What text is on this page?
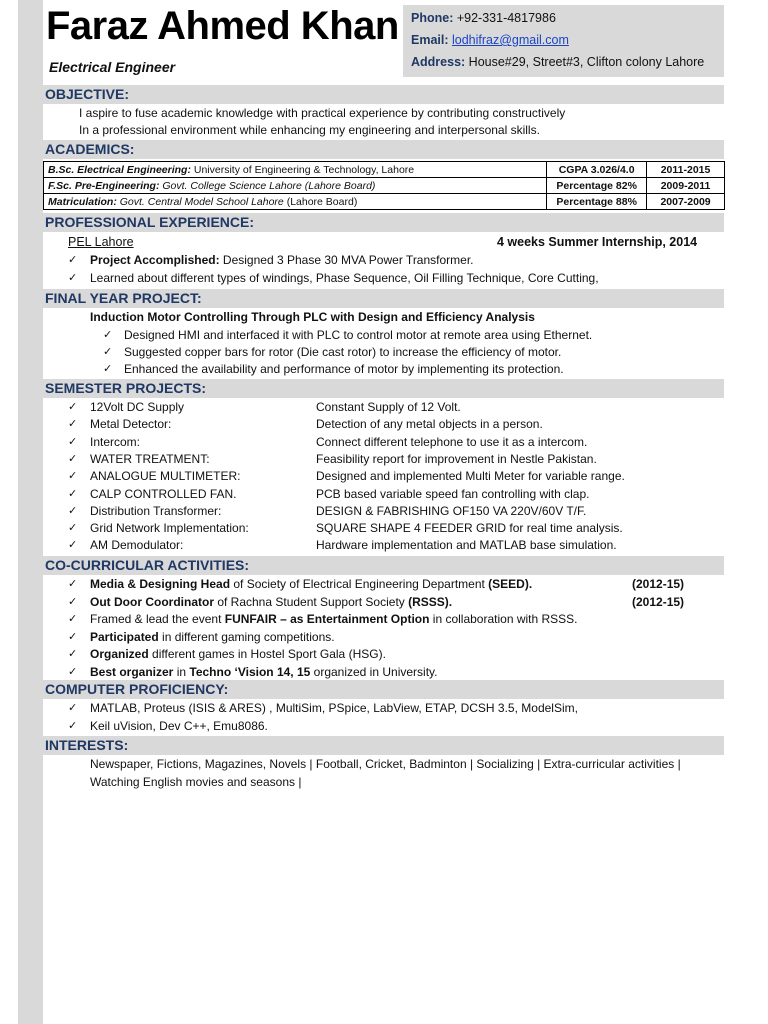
Faraz Ahmed Khan
Electrical Engineer
Phone: +92-331-4817986
Email: lodhifraz@gmail.com
Address: House#29, Street#3, Clifton colony Lahore
OBJECTIVE:
I aspire to fuse academic knowledge with practical experience by contributing constructively
In a professional environment while enhancing my engineering and interpersonal skills.
ACADEMICS:
B.Sc. Electrical Engineering: University of Engineering & Technology, Lahore	CGPA 3.026/4.0	2011-2015
F.Sc. Pre-Engineering: Govt. College Science Lahore (Lahore Board)	Percentage 82%	2009-2011
Matriculation: Govt. Central Model School Lahore (Lahore Board)	Percentage 88%	2007-2009
PROFESSIONAL EXPERIENCE:
PEL Lahore	4 weeks Summer Internship, 2014
✓ Project Accomplished: Designed 3 Phase 30 MVA Power Transformer.
✓ Learned about different types of windings, Phase Sequence, Oil Filling Technique, Core Cutting,
FINAL YEAR PROJECT:
Induction Motor Controlling Through PLC with Design and Efficiency Analysis
✓ Designed HMI and interfaced it with PLC to control motor at remote area using Ethernet.
✓ Suggested copper bars for rotor (Die cast rotor) to increase the efficiency of motor.
✓ Enhanced the availability and performance of motor by implementing its protection.
SEMESTER PROJECTS:
✓ 12Volt DC Supply	Constant Supply of 12 Volt.
✓ Metal Detector:	Detection of any metal objects in a person.
✓ Intercom:	Connect different telephone to use it as a intercom.
✓ WATER TREATMENT:	Feasibility report for improvement in Nestle Pakistan.
✓ ANALOGUE MULTIMETER:	Designed and implemented Multi Meter for variable range.
✓ CALP CONTROLLED FAN.	PCB based variable speed fan controlling with clap.
✓ Distribution Transformer:	DESIGN & FABRISHING OF150 VA 220V/60V T/F.
✓ Grid Network Implementation:	SQUARE SHAPE 4 FEEDER GRID for real time analysis.
✓ AM Demodulator:	Hardware implementation and MATLAB base simulation.
CO-CURRICULAR ACTIVITIES:
✓ Media & Designing Head of Society of Electrical Engineering Department (SEED).	(2012-15)
✓ Out Door Coordinator of Rachna Student Support Society (RSSS).	(2012-15)
✓ Framed & lead the event FUNFAIR – as Entertainment Option in collaboration with RSSS.
✓ Participated in different gaming competitions.
✓ Organized different games in Hostel Sport Gala (HSG).
✓ Best organizer in Techno ‘Vision 14, 15 organized in University.
COMPUTER PROFICIENCY:
✓ MATLAB, Proteus (ISIS & ARES) , MultiSim, PSpice, LabView, ETAP, DCSH 3.5, ModelSim,
✓ Keil uVision, Dev C++, Emu8086.
INTERESTS:
Newspaper, Fictions, Magazines, Novels | Football, Cricket, Badminton | Socializing | Extra-curricular activities |
Watching English movies and seasons |
